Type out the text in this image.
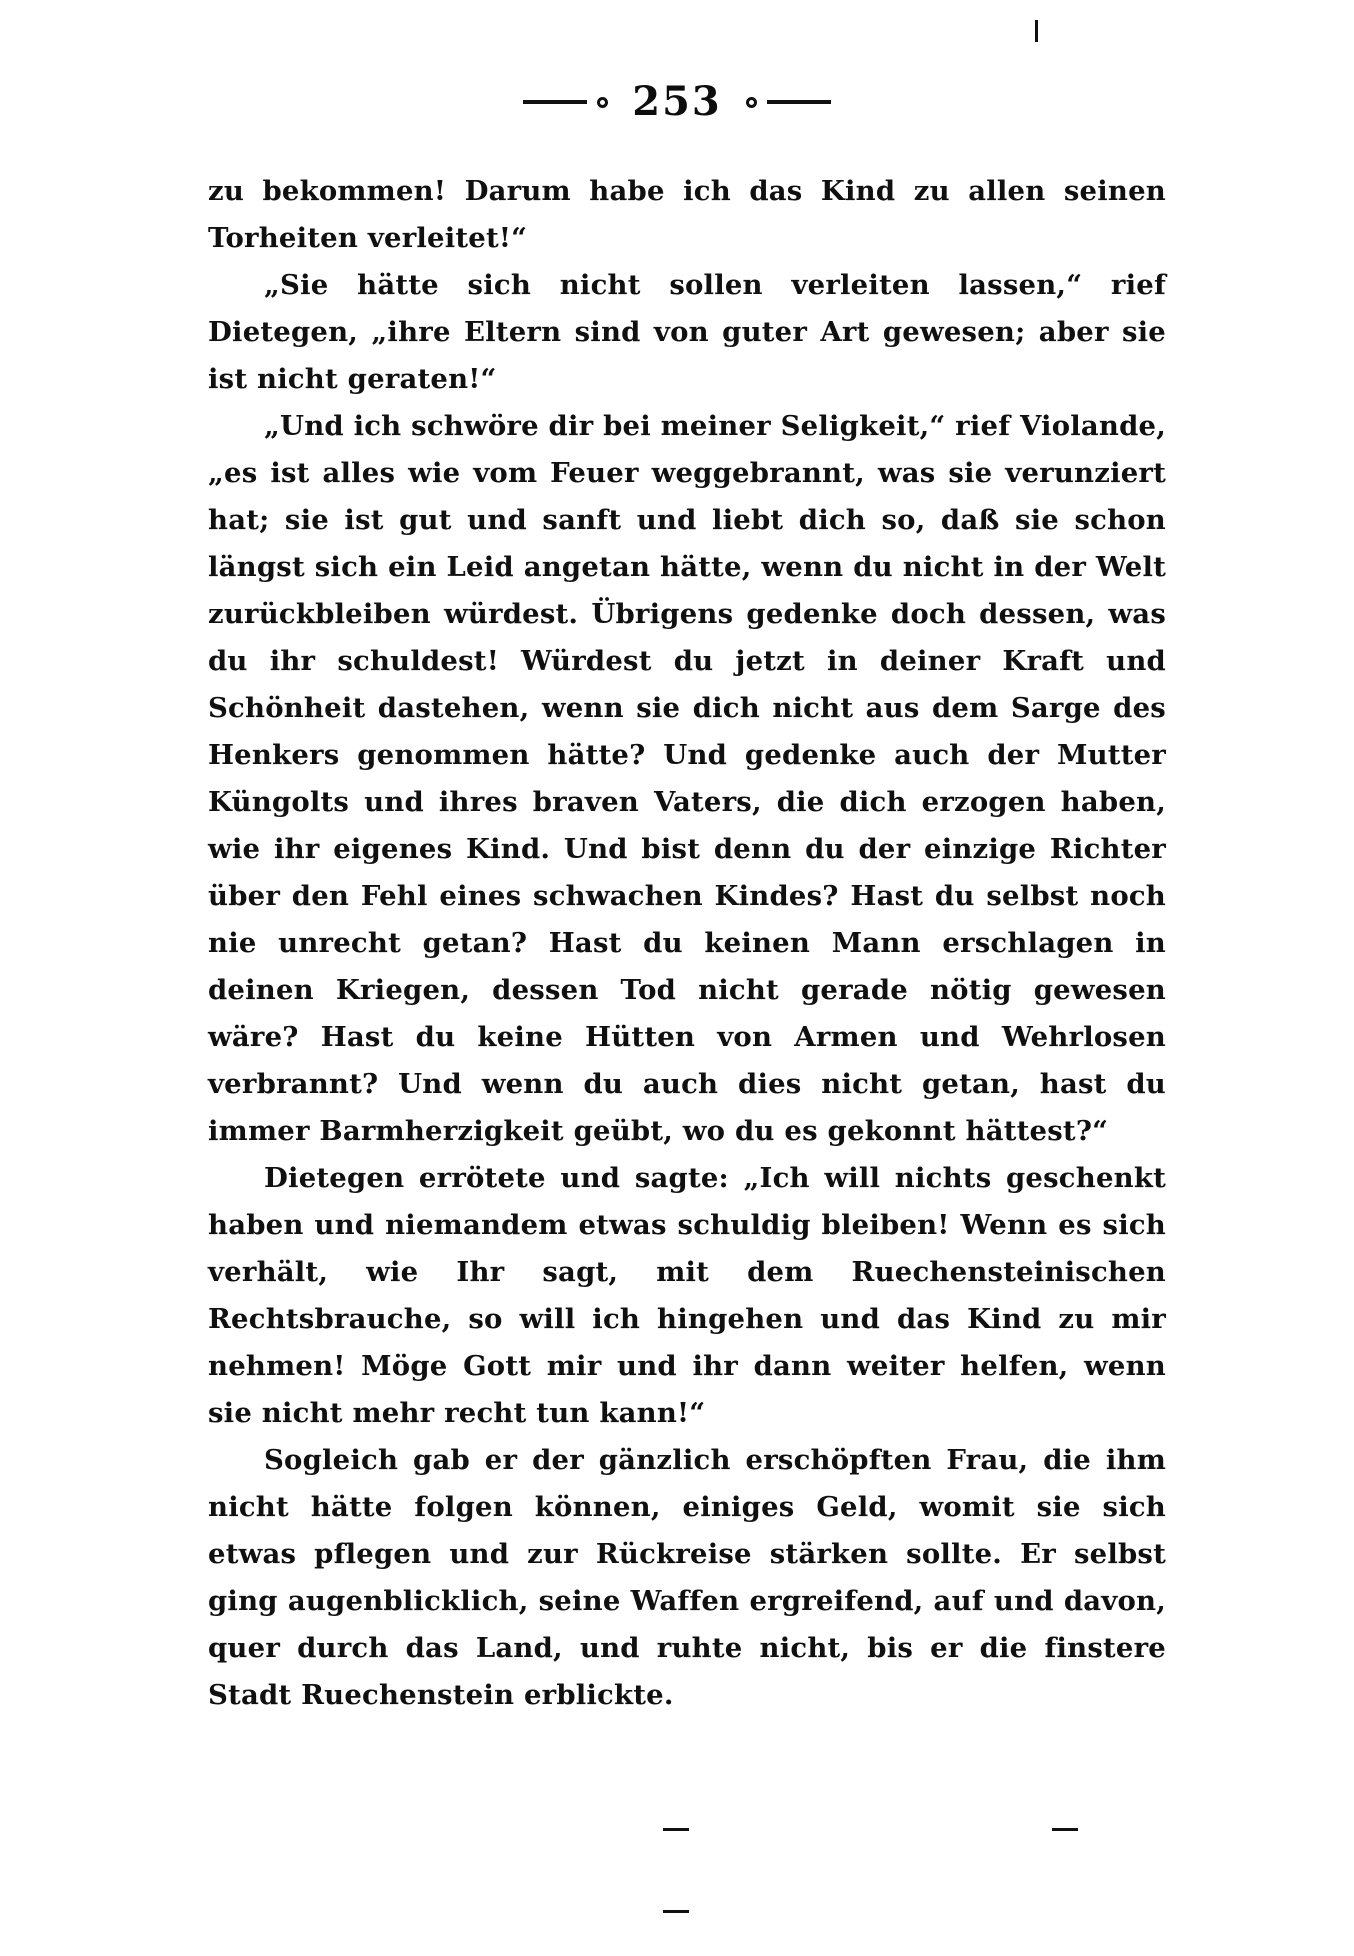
253

zu bekommen! Darum habe ich das Kind zu allen seinen Torheiten verleitet!“

„Sie hätte sich nicht sollen verleiten lassen,“ rief Dietegen, „ihre Eltern sind von guter Art gewesen; aber sie ist nicht geraten!“

„Und ich schwöre dir bei meiner Seligkeit,“ rief Violande, „es ist alles wie vom Feuer weggebrannt, was sie verunziert hat; sie ist gut und sanft und liebt dich so, daß sie schon längst sich ein Leid angetan hätte, wenn du nicht in der Welt zurückbleiben würdest. Übrigens gedenke doch dessen, was du ihr schuldest! Würdest du jetzt in deiner Kraft und Schönheit dastehen, wenn sie dich nicht aus dem Sarge des Henkers genommen hätte? Und gedenke auch der Mutter Küngolts und ihres braven Vaters, die dich erzogen haben, wie ihr eigenes Kind. Und bist denn du der einzige Richter über den Fehl eines schwachen Kindes? Hast du selbst noch nie unrecht getan? Hast du keinen Mann erschlagen in deinen Kriegen, dessen Tod nicht gerade nötig gewesen wäre? Hast du keine Hütten von Armen und Wehrlosen verbrannt? Und wenn du auch dies nicht getan, hast du immer Barmherzigkeit geübt, wo du es gekonnt hättest?“

Dietegen errötete und sagte: „Ich will nichts geschenkt haben und niemandem etwas schuldig bleiben! Wenn es sich verhält, wie Ihr sagt, mit dem Ruechensteinischen Rechtsbrauche, so will ich hingehen und das Kind zu mir nehmen! Möge Gott mir und ihr dann weiter helfen, wenn sie nicht mehr recht tun kann!“

Sogleich gab er der gänzlich erschöpften Frau, die ihm nicht hätte folgen können, einiges Geld, womit sie sich etwas pflegen und zur Rückreise stärken sollte. Er selbst ging augenblicklich, seine Waffen ergreifend, auf und davon, quer durch das Land, und ruhte nicht, bis er die finstere Stadt Ruechenstein erblickte.
